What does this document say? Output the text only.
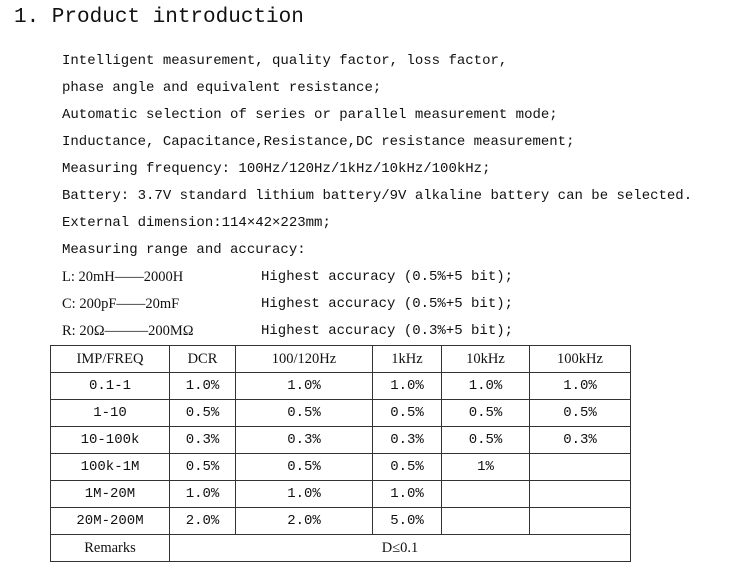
1. Product introduction
Intelligent measurement, quality factor, loss factor,
phase angle and equivalent resistance;
Automatic selection of series or parallel measurement mode;
Inductance, Capacitance,Resistance,DC resistance measurement;
Measuring frequency: 100Hz/120Hz/1kHz/10kHz/100kHz;
Battery: 3.7V standard lithium battery/9V alkaline battery can be selected.
External dimension:114×42×223mm;
Measuring range and accuracy:
L: 20mH——2000H	Highest accuracy (0.5%+5 bit);
C: 200pF——20mF	Highest accuracy (0.5%+5 bit);
R: 20Ω———200MΩ	Highest accuracy (0.3%+5 bit);
IMP/FREQ	DCR	100/120Hz	1kHz	10kHz	100kHz
0.1-1	1.0%	1.0%	1.0%	1.0%	1.0%
1-10	0.5%	0.5%	0.5%	0.5%	0.5%
10-100k	0.3%	0.3%	0.3%	0.5%	0.3%
100k-1M	0.5%	0.5%	0.5%	1%	
1M-20M	1.0%	1.0%	1.0%		
20M-200M	2.0%	2.0%	5.0%		
Remarks	D≤0.1				
